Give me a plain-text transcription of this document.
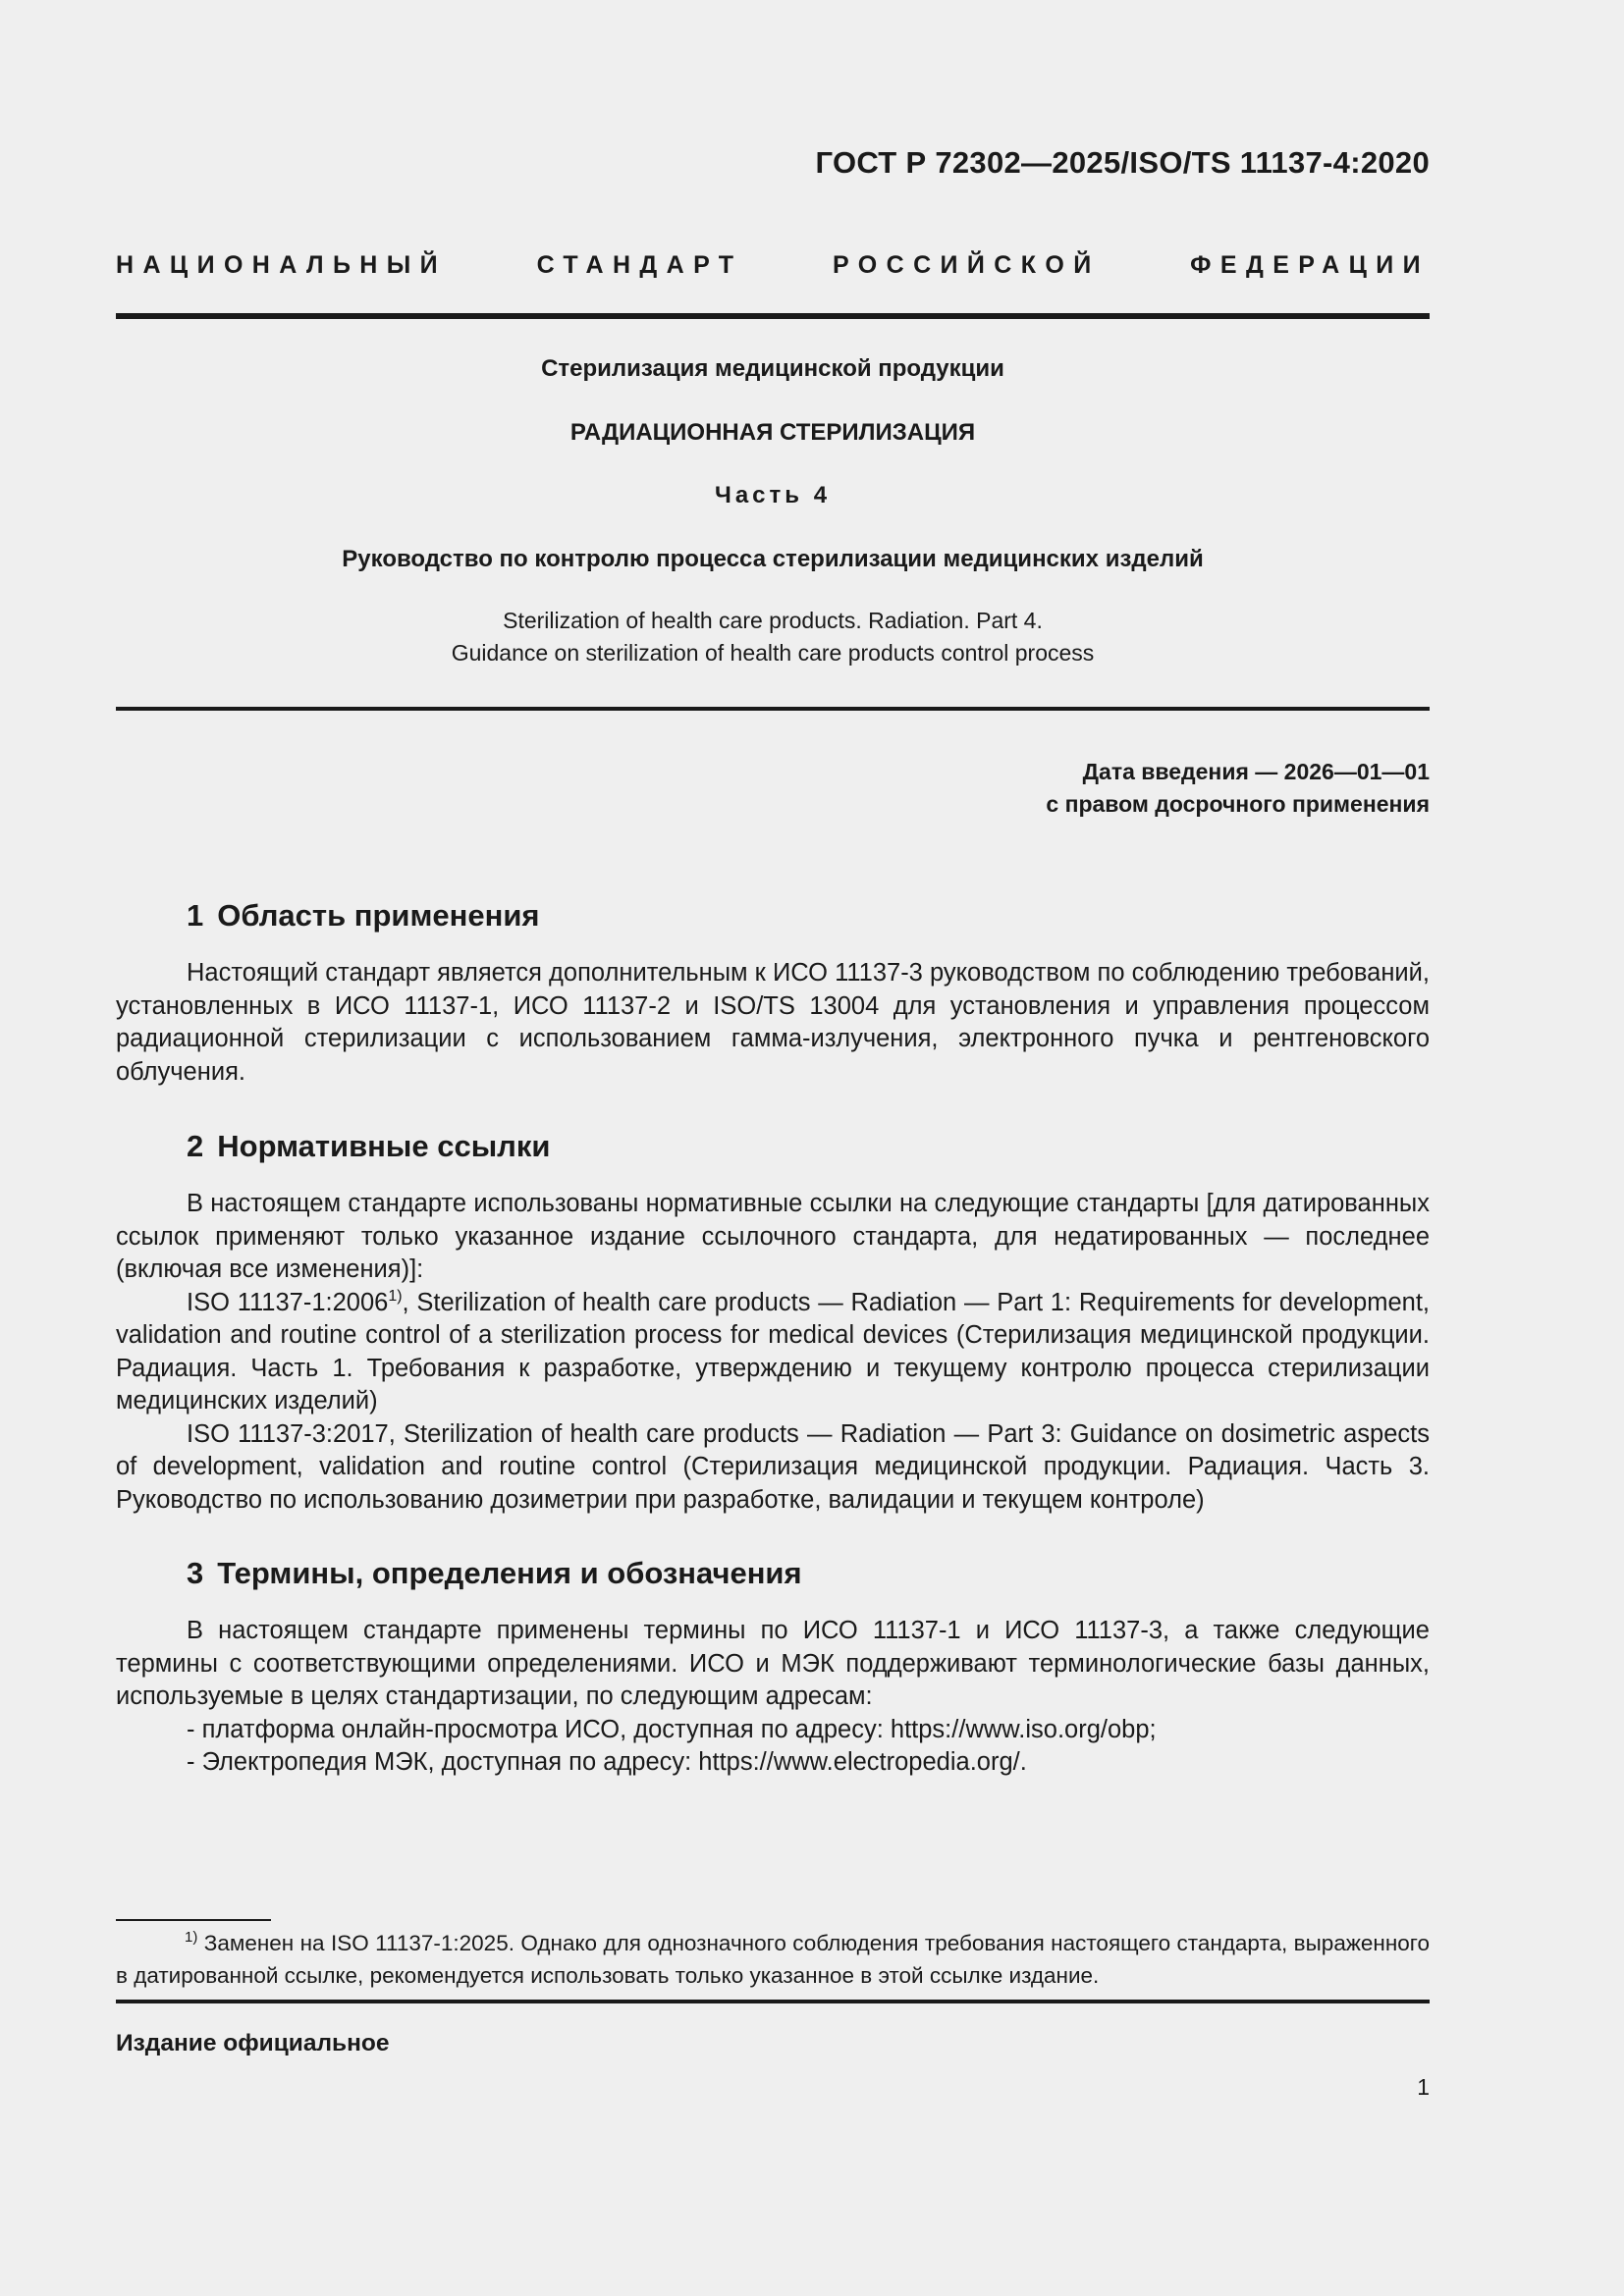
ГОСТ Р 72302—2025/ISO/TS 11137-4:2020
НАЦИОНАЛЬНЫЙ СТАНДАРТ РОССИЙСКОЙ ФЕДЕРАЦИИ
Стерилизация медицинской продукции
РАДИАЦИОННАЯ СТЕРИЛИЗАЦИЯ
Часть 4
Руководство по контролю процесса стерилизации медицинских изделий
Sterilization of health care products. Radiation. Part 4.
Guidance on sterilization of health care products control process
Дата введения — 2026—01—01
с правом досрочного применения
1 Область применения

Настоящий стандарт является дополнительным к ИСО 11137-3 руководством по соблюдению требований, установленных в ИСО 11137-1, ИСО 11137-2 и ISO/TS 13004 для установления и управления процессом радиационной стерилизации с использованием гамма-излучения, электронного пучка и рентгеновского облучения.

2 Нормативные ссылки

В настоящем стандарте использованы нормативные ссылки на следующие стандарты [для датированных ссылок применяют только указанное издание ссылочного стандарта, для недатированных — последнее (включая все изменения)]:

ISO 11137-1:2006$^{1)}$, Sterilization of health care products — Radiation — Part 1: Requirements for development, validation and routine control of a sterilization process for medical devices (Стерилизация медицинской продукции. Радиация. Часть 1. Требования к разработке, утверждению и текущему контролю процесса стерилизации медицинских изделий)

ISO 11137-3:2017, Sterilization of health care products — Radiation — Part 3: Guidance on dosimetric aspects of development, validation and routine control (Стерилизация медицинской продукции. Радиация. Часть 3. Руководство по использованию дозиметрии при разработке, валидации и текущем контроле)

3 Термины, определения и обозначения

В настоящем стандарте применены термины по ИСО 11137-1 и ИСО 11137-3, а также следующие термины с соответствующими определениями. ИСО и МЭК поддерживают терминологические базы данных, используемые в целях стандартизации, по следующим адресам:

- платформа онлайн-просмотра ИСО, доступная по адресу: https://www.iso.org/obp;

- Электропедия МЭК, доступная по адресу: https://www.electropedia.org/.

$^{1)}$ Заменен на ISO 11137-1:2025. Однако для однозначного соблюдения требования настоящего стандарта, выраженного в датированной ссылке, рекомендуется использовать только указанное в этой ссылке издание.

Издание официальное
1
